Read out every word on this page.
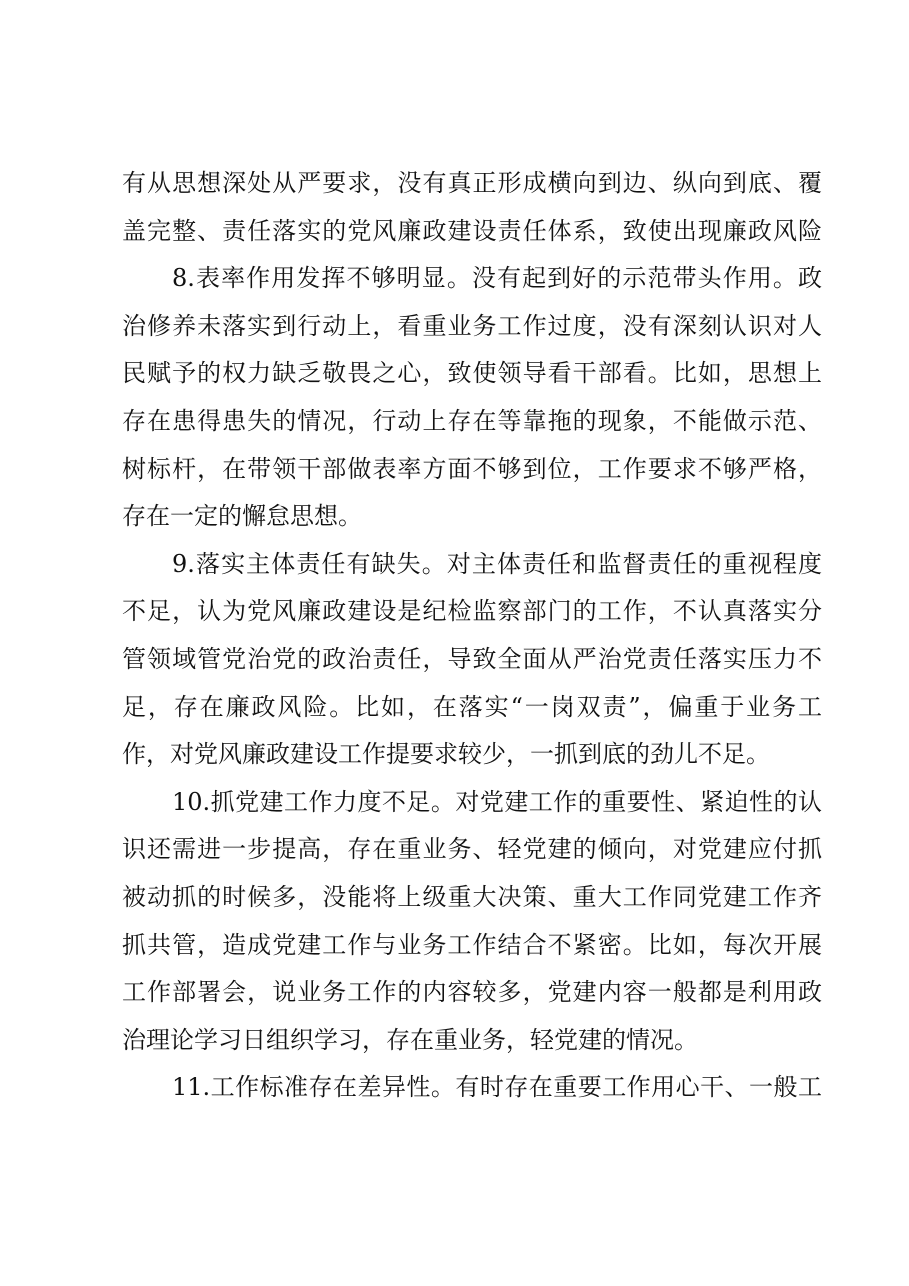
有从思想深处从严要求，没有真正形成横向到边、纵向到底、覆
盖完整、责任落实的党风廉政建设责任体系，致使出现廉政风险
8.表率作用发挥不够明显。没有起到好的示范带头作用。政
治修养未落实到行动上，看重业务工作过度，没有深刻认识对人
民赋予的权力缺乏敬畏之心，致使领导看干部看。比如，思想上
存在患得患失的情况，行动上存在等靠拖的现象，不能做示范、
树标杆，在带领干部做表率方面不够到位，工作要求不够严格，
存在一定的懈怠思想。
9.落实主体责任有缺失。对主体责任和监督责任的重视程度
不足，认为党风廉政建设是纪检监察部门的工作，不认真落实分
管领域管党治党的政治责任，导致全面从严治党责任落实压力不
足，存在廉政风险。比如，在落实“一岗双责”，偏重于业务工
作，对党风廉政建设工作提要求较少，一抓到底的劲儿不足。
10.抓党建工作力度不足。对党建工作的重要性、紧迫性的认
识还需进一步提高，存在重业务、轻党建的倾向，对党建应付抓
被动抓的时候多，没能将上级重大决策、重大工作同党建工作齐
抓共管，造成党建工作与业务工作结合不紧密。比如，每次开展
工作部署会，说业务工作的内容较多，党建内容一般都是利用政
治理论学习日组织学习，存在重业务，轻党建的情况。
11.工作标准存在差异性。有时存在重要工作用心干、一般工
